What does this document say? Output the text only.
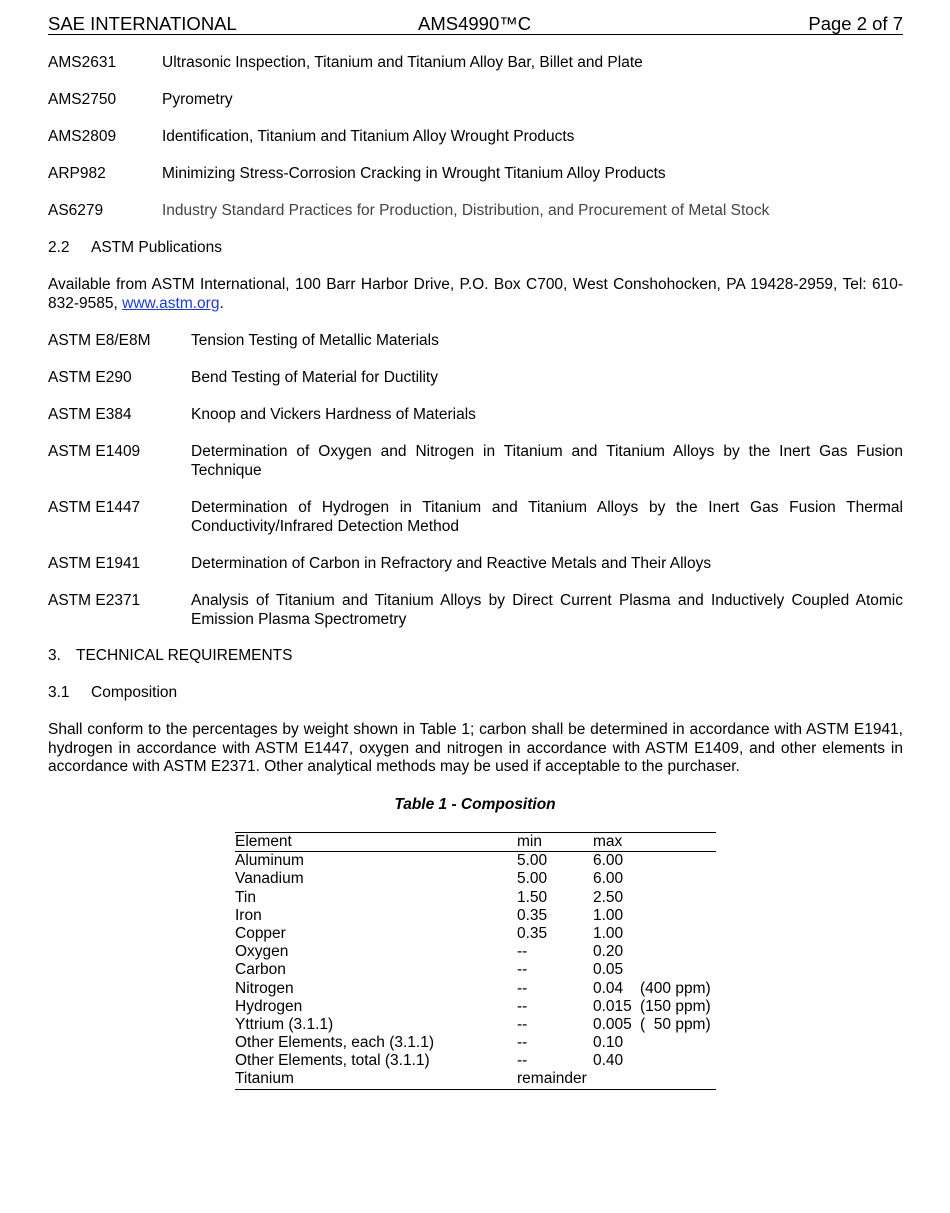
SAE INTERNATIONAL	AMS4990™C	Page 2 of 7
AMS2631	Ultrasonic Inspection, Titanium and Titanium Alloy Bar, Billet and Plate
AMS2750	Pyrometry
AMS2809	Identification, Titanium and Titanium Alloy Wrought Products
ARP982	Minimizing Stress-Corrosion Cracking in Wrought Titanium Alloy Products
AS6279	Industry Standard Practices for Production, Distribution, and Procurement of Metal Stock
2.2 ASTM Publications
Available from ASTM International, 100 Barr Harbor Drive, P.O. Box C700, West Conshohocken, PA 19428-2959, Tel: 610-832-9585, www.astm.org.
ASTM E8/E8M	Tension Testing of Metallic Materials
ASTM E290	Bend Testing of Material for Ductility
ASTM E384	Knoop and Vickers Hardness of Materials
ASTM E1409	Determination of Oxygen and Nitrogen in Titanium and Titanium Alloys by the Inert Gas Fusion Technique
ASTM E1447	Determination of Hydrogen in Titanium and Titanium Alloys by the Inert Gas Fusion Thermal Conductivity/Infrared Detection Method
ASTM E1941	Determination of Carbon in Refractory and Reactive Metals and Their Alloys
ASTM E2371	Analysis of Titanium and Titanium Alloys by Direct Current Plasma and Inductively Coupled Atomic Emission Plasma Spectrometry
3. TECHNICAL REQUIREMENTS
3.1 Composition
Shall conform to the percentages by weight shown in Table 1; carbon shall be determined in accordance with ASTM E1941, hydrogen in accordance with ASTM E1447, oxygen and nitrogen in accordance with ASTM E1409, and other elements in accordance with ASTM E2371. Other analytical methods may be used if acceptable to the purchaser.
Table 1 - Composition
Element	min	max
Aluminum	5.00	6.00
Vanadium	5.00	6.00
Tin	1.50	2.50
Iron	0.35	1.00
Copper	0.35	1.00
Oxygen	--	0.20
Carbon	--	0.05
Nitrogen	--	0.04 (400 ppm)
Hydrogen	--	0.015 (150 ppm)
Yttrium (3.1.1)	--	0.005 (  50 ppm)
Other Elements, each (3.1.1)	--	0.10
Other Elements, total (3.1.1)	--	0.40
Titanium	remainder
